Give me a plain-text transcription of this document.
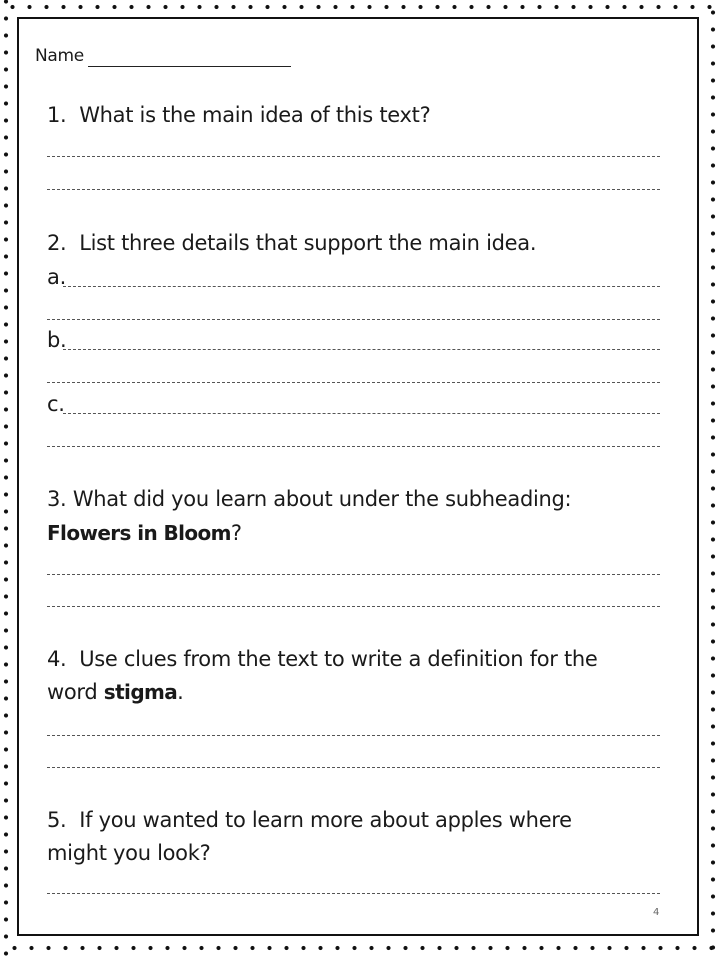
Name
1. What is the main idea of this text?
2. List three details that support the main idea.
a.
b.
c.
3. What did you learn about under the subheading:
Flowers in Bloom?
4. Use clues from the text to write a definition for the
word stigma.
5. If you wanted to learn more about apples where
might you look?
4
